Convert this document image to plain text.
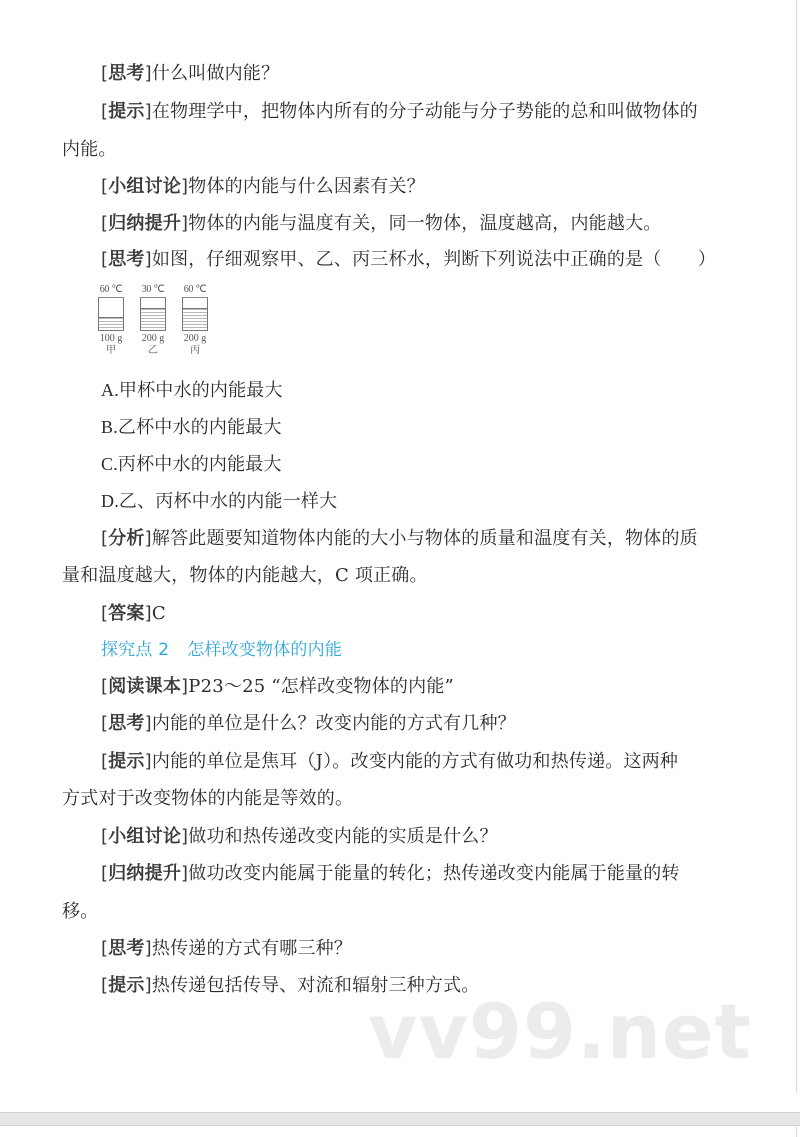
[思考]什么叫做内能？
[提示]在物理学中，把物体内所有的分子动能与分子势能的总和叫做物体的
内能。
[小组讨论]物体的内能与什么因素有关？
[归纳提升]物体的内能与温度有关，同一物体，温度越高，内能越大。
[思考]如图，仔细观察甲、乙、丙三杯水，判断下列说法中正确的是（　　）
60 ℃
100 g
甲
30 ℃
200 g
乙
60 ℃
200 g
丙
A.甲杯中水的内能最大
B.乙杯中水的内能最大
C.丙杯中水的内能最大
D.乙、丙杯中水的内能一样大
[分析]解答此题要知道物体内能的大小与物体的质量和温度有关，物体的质
量和温度越大，物体的内能越大，C 项正确。
[答案]C
探究点 2 怎样改变物体的内能
[阅读课本]P23～25 “怎样改变物体的内能”
[思考]内能的单位是什么？改变内能的方式有几种？
[提示]内能的单位是焦耳（J）。改变内能的方式有做功和热传递。这两种
方式对于改变物体的内能是等效的。
[小组讨论]做功和热传递改变内能的实质是什么？
[归纳提升]做功改变内能属于能量的转化；热传递改变内能属于能量的转
移。
[思考]热传递的方式有哪三种？
[提示]热传递包括传导、对流和辐射三种方式。
vv99.net
